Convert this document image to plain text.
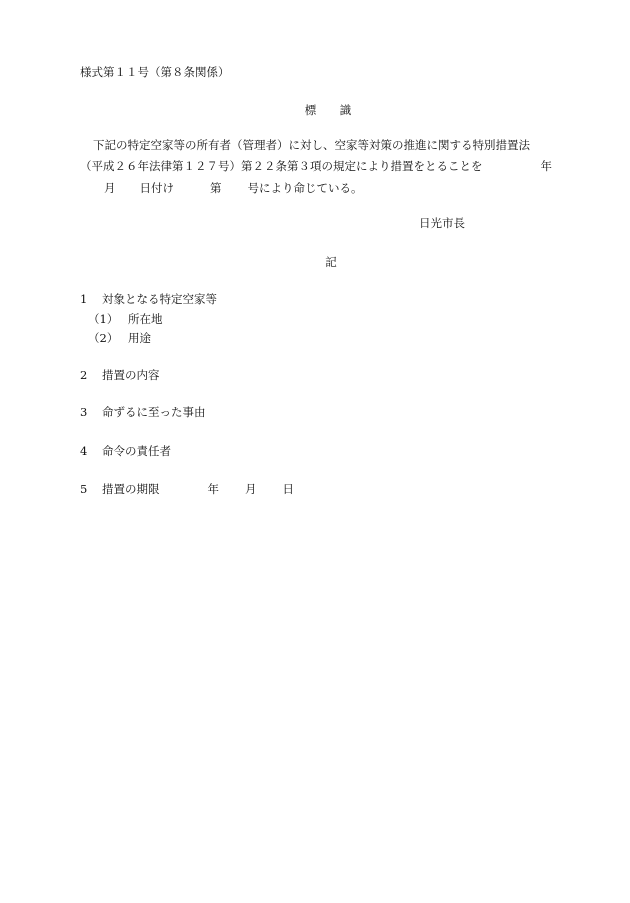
様式第１１号（第８条関係）
標　識
下記の特定空家等の所有者（管理者）に対し、空家等対策の推進に関する特別措置法
（平成２６年法律第１２７号）第２２条第３項の規定により措置をとることを	年
月 日付け	第 号により命じている。
日光市長
記
1 対象となる特定空家等
（1） 所在地
（2） 用途
2 措置の内容
3 命ずるに至った事由
4 命令の責任者
5 措置の期限	年 月 日
